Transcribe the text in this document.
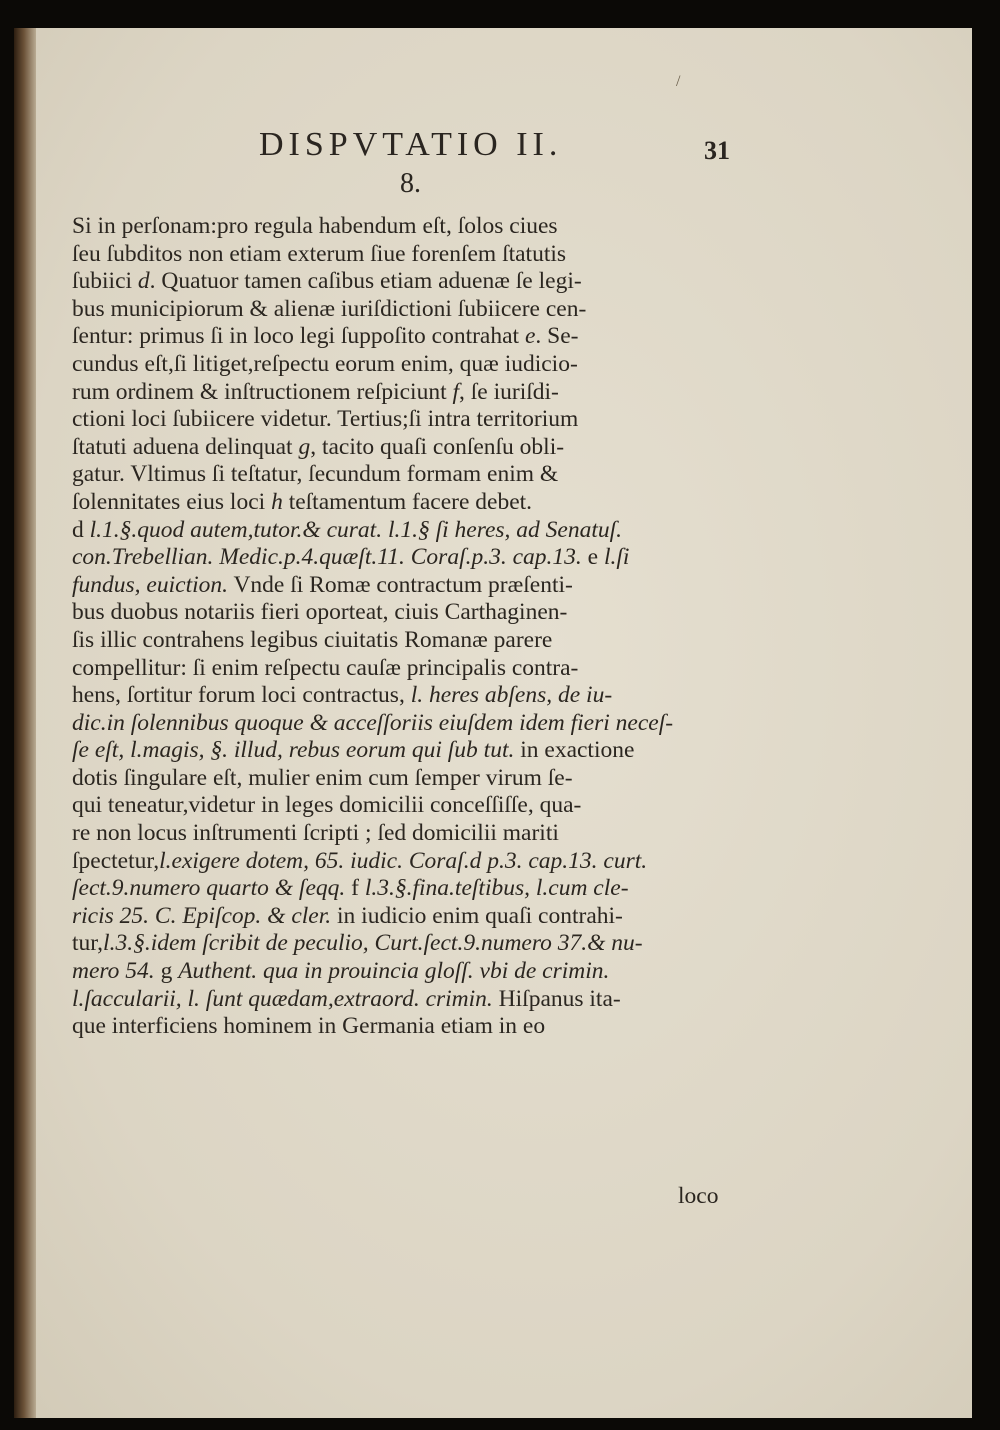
/
DISPVTATIO II.	31
8.
Si in perſonam:pro regula habendum eſt, ſolos ciues
ſeu ſubditos non etiam exterum ſiue forenſem ſtatutis
ſubiici d. Quatuor tamen caſibus etiam aduenæ ſe legi-
bus municipiorum & alienæ iuriſdictioni ſubiicere cen-
ſentur: primus ſi in loco legi ſuppoſito contrahat e. Se-
cundus eſt,ſi litiget,reſpectu eorum enim, quæ iudicio-
rum ordinem & inſtructionem reſpiciunt f, ſe iuriſdi-
ctioni loci ſubiicere videtur. Tertius;ſi intra territorium
ſtatuti aduena delinquat g, tacito quaſi conſenſu obli-
gatur. Vltimus ſi teſtatur, ſecundum formam enim &
ſolennitates eius loci h teſtamentum facere debet.
d l.1.§.quod autem,tutor.& curat. l.1.§ ſi heres, ad Senatuſ.
con.Trebellian. Medic.p.4.quæſt.11. Coraſ.p.3. cap.13. e l.ſi
fundus, euiction. Vnde ſi Romæ contractum præſenti-
bus duobus notariis fieri oporteat, ciuis Carthaginen-
ſis illic contrahens legibus ciuitatis Romanæ parere
compellitur: ſi enim reſpectu cauſæ principalis contra-
hens, ſortitur forum loci contractus, l. heres abſens, de iu-
dic.in ſolennibus quoque & acceſſoriis eiuſdem idem fieri neceſ-
ſe eſt, l.magis, §. illud, rebus eorum qui ſub tut. in exactione
dotis ſingulare eſt, mulier enim cum ſemper virum ſe-
qui teneatur,videtur in leges domicilii conceſſiſſe, qua-
re non locus inſtrumenti ſcripti ; ſed domicilii mariti
ſpectetur,l.exigere dotem, 65. iudic. Coraſ.d p.3. cap.13. curt.
ſect.9.numero quarto & ſeqq. f l.3.§.fina.teſtibus, l.cum cle-
ricis 25. C. Epiſcop. & cler. in iudicio enim quaſi contrahi-
tur,l.3.§.idem ſcribit de peculio, Curt.ſect.9.numero 37.& nu-
mero 54. g Authent. qua in prouincia gloſſ. vbi de crimin.
l.ſaccularii, l. ſunt quædam,extraord. crimin. Hiſpanus ita-
que interficiens hominem in Germania etiam in eo
loco
